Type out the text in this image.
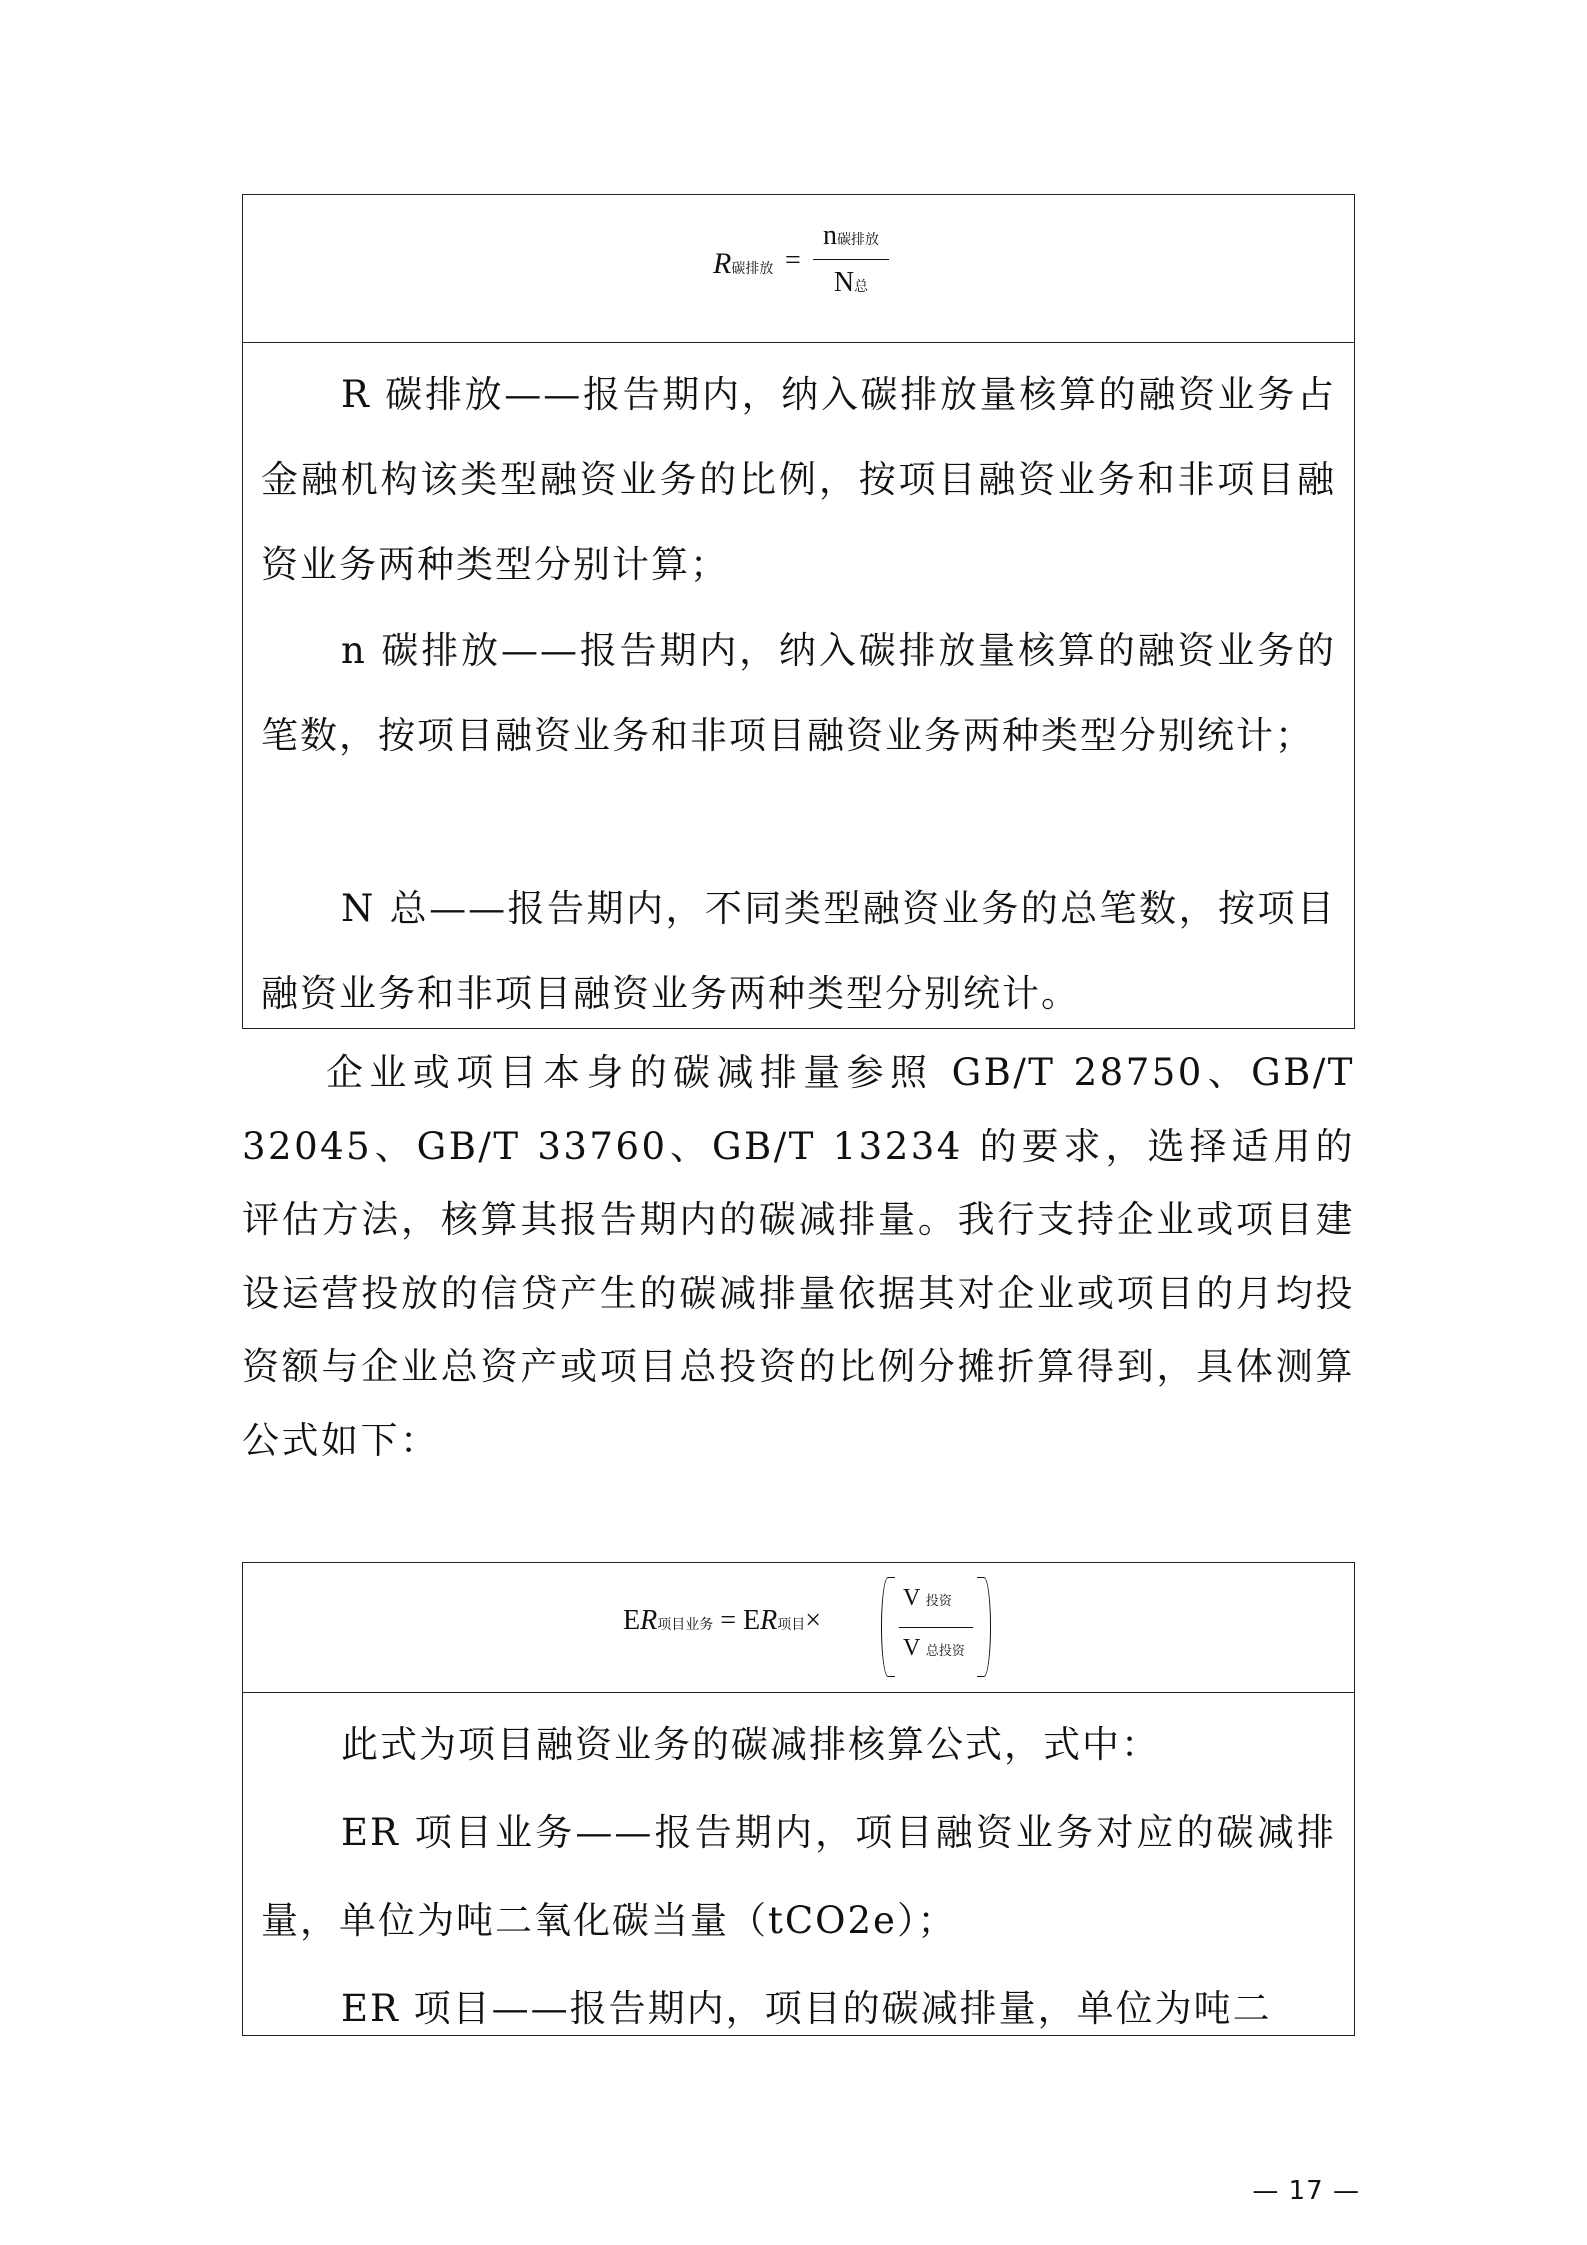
R碳排放 =
n碳排放
N总

R 碳排放——报告期内，纳入碳排放量核算的融资业务占金融机构该类型融资业务的比例，按项目融资业务和非项目融资业务两种类型分别计算；

n 碳排放——报告期内，纳入碳排放量核算的融资业务的笔数，按项目融资业务和非项目融资业务两种类型分别统计；

N 总——报告期内，不同类型融资业务的总笔数，按项目融资业务和非项目融资业务两种类型分别统计。

企业或项目本身的碳减排量参照 GB/T 28750、GB/T 32045、GB/T 33760、GB/T 13234 的要求，选择适用的评估方法，核算其报告期内的碳减排量。我行支持企业或项目建设运营投放的信贷产生的碳减排量依据其对企业或项目的月均投资额与企业总资产或项目总投资的比例分摊折算得到，具体测算公式如下：

ER项目业务 = ER项目×
V 投资
V 总投资

此式为项目融资业务的碳减排核算公式，式中：

ER 项目业务——报告期内，项目融资业务对应的碳减排量，单位为吨二氧化碳当量（tCO2e）；

ER 项目——报告期内，项目的碳减排量，单位为吨二

— 17 —
